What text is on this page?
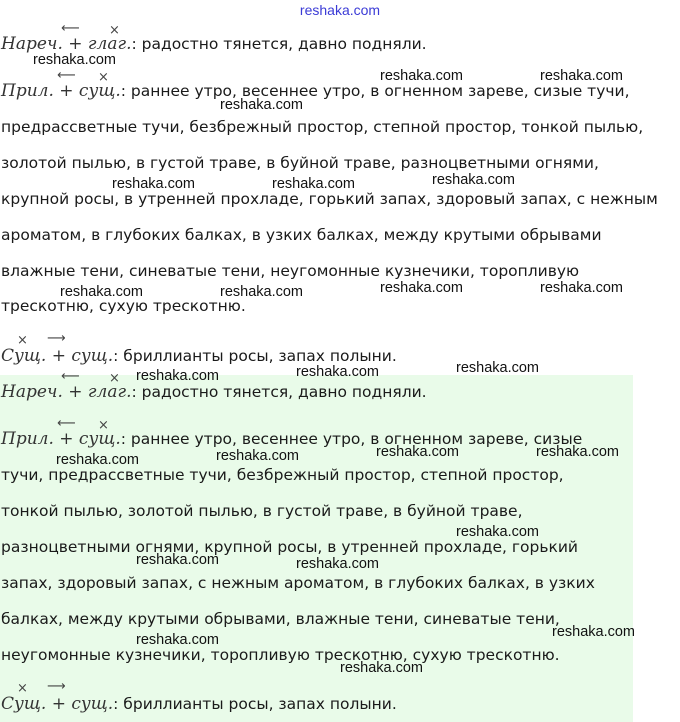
reshaka.com
Нареч. + глаг.
⟵ ×
: радостно тянется, давно подняли.
Прил. + сущ.
⟵ ×
: раннее утро, весеннее утро, в огненном зареве, сизые тучи,
предрассветные тучи, безбрежный простор, степной простор, тонкой пылью,
золотой пылью, в густой траве, в буйной траве, разноцветными огнями,
крупной росы, в утренней прохладе, горький запах, здоровый запах, с нежным
ароматом, в глубоких балках, в узких балках, между крутыми обрывами
влажные тени, синеватые тени, неугомонные кузнечики, торопливую
трескотню, сухую трескотню.
Сущ. + сущ.
× ⟶
: бриллианты росы, запах полыни.
Нареч. + глаг.
⟵ ×
: радостно тянется, давно подняли.
Прил. + сущ.
⟵ ×
: раннее утро, весеннее утро, в огненном зареве, сизые
тучи, предрассветные тучи, безбрежный простор, степной простор,
тонкой пылью, золотой пылью, в густой траве, в буйной траве,
разноцветными огнями, крупной росы, в утренней прохладе, горький
запах, здоровый запах, с нежным ароматом, в глубоких балках, в узких
балках, между крутыми обрывами, влажные тени, синеватые тени,
неугомонные кузнечики, торопливую трескотню, сухую трескотню.
Сущ. + сущ.
× ⟶
: бриллианты росы, запах полыни.
reshaka.com
reshaka.com	reshaka.com
reshaka.com
reshaka.com	reshaka.com	reshaka.com
reshaka.com	reshaka.com	reshaka.com	reshaka.com
reshaka.com	reshaka.com	reshaka.com
reshaka.com	reshaka.com	reshaka.com	reshaka.com
reshaka.com
reshaka.com	reshaka.com
reshaka.com
reshaka.com
reshaka.com
